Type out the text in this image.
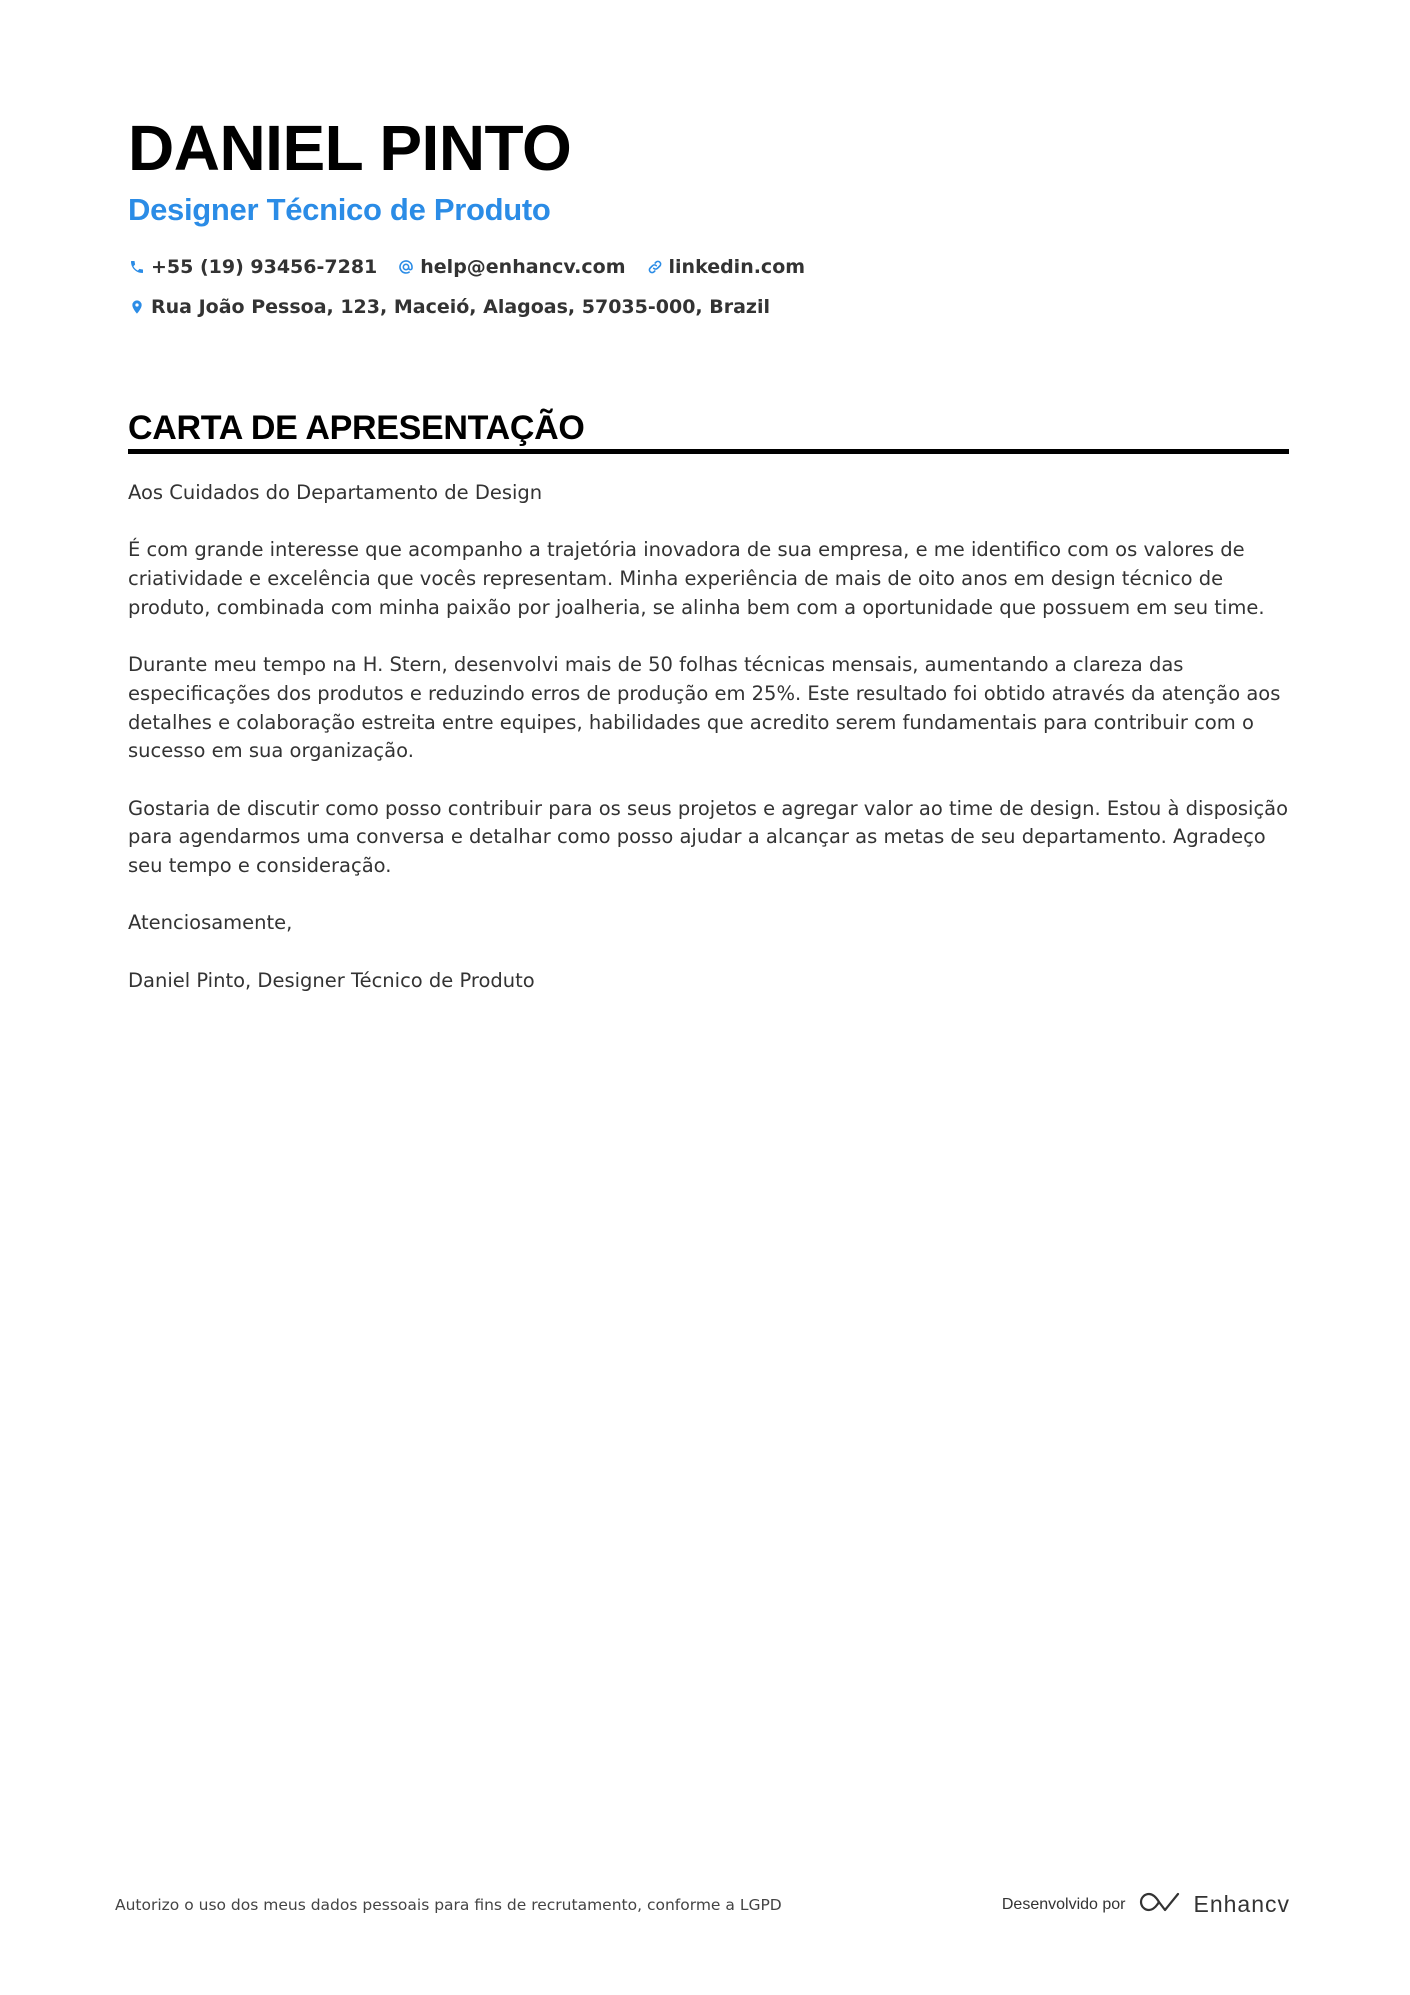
DANIEL PINTO
Designer Técnico de Produto
+55 (19) 93456-7281 help@enhancv.com linkedin.com
Rua João Pessoa, 123, Maceió, Alagoas, 57035-000, Brazil
CARTA DE APRESENTAÇÃO

Aos Cuidados do Departamento de Design

É com grande interesse que acompanho a trajetória inovadora de sua empresa, e me identifico com os valores de criatividade e excelência que vocês representam. Minha experiência de mais de oito anos em design técnico de produto, combinada com minha paixão por joalheria, se alinha bem com a oportunidade que possuem em seu time.

Durante meu tempo na H. Stern, desenvolvi mais de 50 folhas técnicas mensais, aumentando a clareza das especificações dos produtos e reduzindo erros de produção em 25%. Este resultado foi obtido através da atenção aos detalhes e colaboração estreita entre equipes, habilidades que acredito serem fundamentais para contribuir com o sucesso em sua organização.

Gostaria de discutir como posso contribuir para os seus projetos e agregar valor ao time de design. Estou à disposição para agendarmos uma conversa e detalhar como posso ajudar a alcançar as metas de seu departamento. Agradeço seu tempo e consideração.

Atenciosamente,

Daniel Pinto, Designer Técnico de Produto

Autorizo o uso dos meus dados pessoais para fins de recrutamento, conforme a LGPD	Desenvolvido por	Enhancv
